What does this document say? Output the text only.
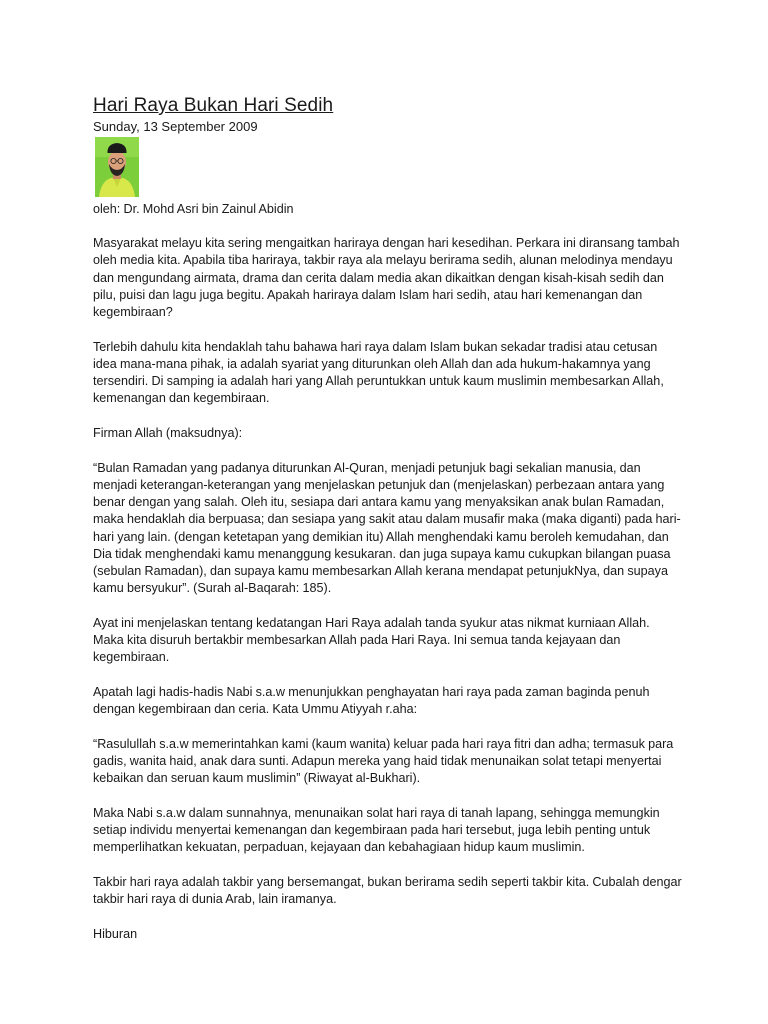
Hari Raya Bukan Hari Sedih
Sunday, 13 September 2009

oleh: Dr. Mohd Asri bin Zainul Abidin

Masyarakat melayu kita sering mengaitkan hariraya dengan hari kesedihan. Perkara ini diransang tambah oleh media kita. Apabila tiba hariraya, takbir raya ala melayu berirama sedih, alunan melodinya mendayu dan mengundang airmata, drama dan cerita dalam media akan dikaitkan dengan kisah-kisah sedih dan pilu, puisi dan lagu juga begitu. Apakah hariraya dalam Islam hari sedih, atau hari kemenangan dan kegembiraan?

Terlebih dahulu kita hendaklah tahu bahawa hari raya dalam Islam bukan sekadar tradisi atau cetusan idea mana-mana pihak, ia adalah syariat yang diturunkan oleh Allah dan ada hukum-hakamnya yang tersendiri. Di samping ia adalah hari yang Allah peruntukkan untuk kaum muslimin membesarkan Allah, kemenangan dan kegembiraan.

Firman Allah (maksudnya):

“Bulan Ramadan yang padanya diturunkan Al-Quran, menjadi petunjuk bagi sekalian manusia, dan menjadi keterangan-keterangan yang menjelaskan petunjuk dan (menjelaskan) perbezaan antara yang benar dengan yang salah. Oleh itu, sesiapa dari antara kamu yang menyaksikan anak bulan Ramadan, maka hendaklah dia berpuasa; dan sesiapa yang sakit atau dalam musafir maka (maka diganti) pada hari-hari yang lain. (dengan ketetapan yang demikian itu) Allah menghendaki kamu beroleh kemudahan, dan Dia tidak menghendaki kamu menanggung kesukaran. dan juga supaya kamu cukupkan bilangan puasa (sebulan Ramadan), dan supaya kamu membesarkan Allah kerana mendapat petunjukNya, dan supaya kamu bersyukur”. (Surah al-Baqarah: 185).

Ayat ini menjelaskan tentang kedatangan Hari Raya adalah tanda syukur atas nikmat kurniaan Allah. Maka kita disuruh bertakbir membesarkan Allah pada Hari Raya. Ini semua tanda kejayaan dan kegembiraan.

Apatah lagi hadis-hadis Nabi s.a.w menunjukkan penghayatan hari raya pada zaman baginda penuh dengan kegembiraan dan ceria. Kata Ummu Atiyyah r.aha:

“Rasulullah s.a.w memerintahkan kami (kaum wanita) keluar pada hari raya fitri dan adha; termasuk para gadis, wanita haid, anak dara sunti. Adapun mereka yang haid tidak menunaikan solat tetapi menyertai kebaikan dan seruan kaum muslimin” (Riwayat al-Bukhari).

Maka Nabi s.a.w dalam sunnahnya, menunaikan solat hari raya di tanah lapang, sehingga memungkin setiap individu menyertai kemenangan dan kegembiraan pada hari tersebut, juga lebih penting untuk memperlihatkan kekuatan, perpaduan, kejayaan dan kebahagiaan hidup kaum muslimin.

Takbir hari raya adalah takbir yang bersemangat, bukan berirama sedih seperti takbir kita. Cubalah dengar takbir hari raya di dunia Arab, lain iramanya.

Hiburan
